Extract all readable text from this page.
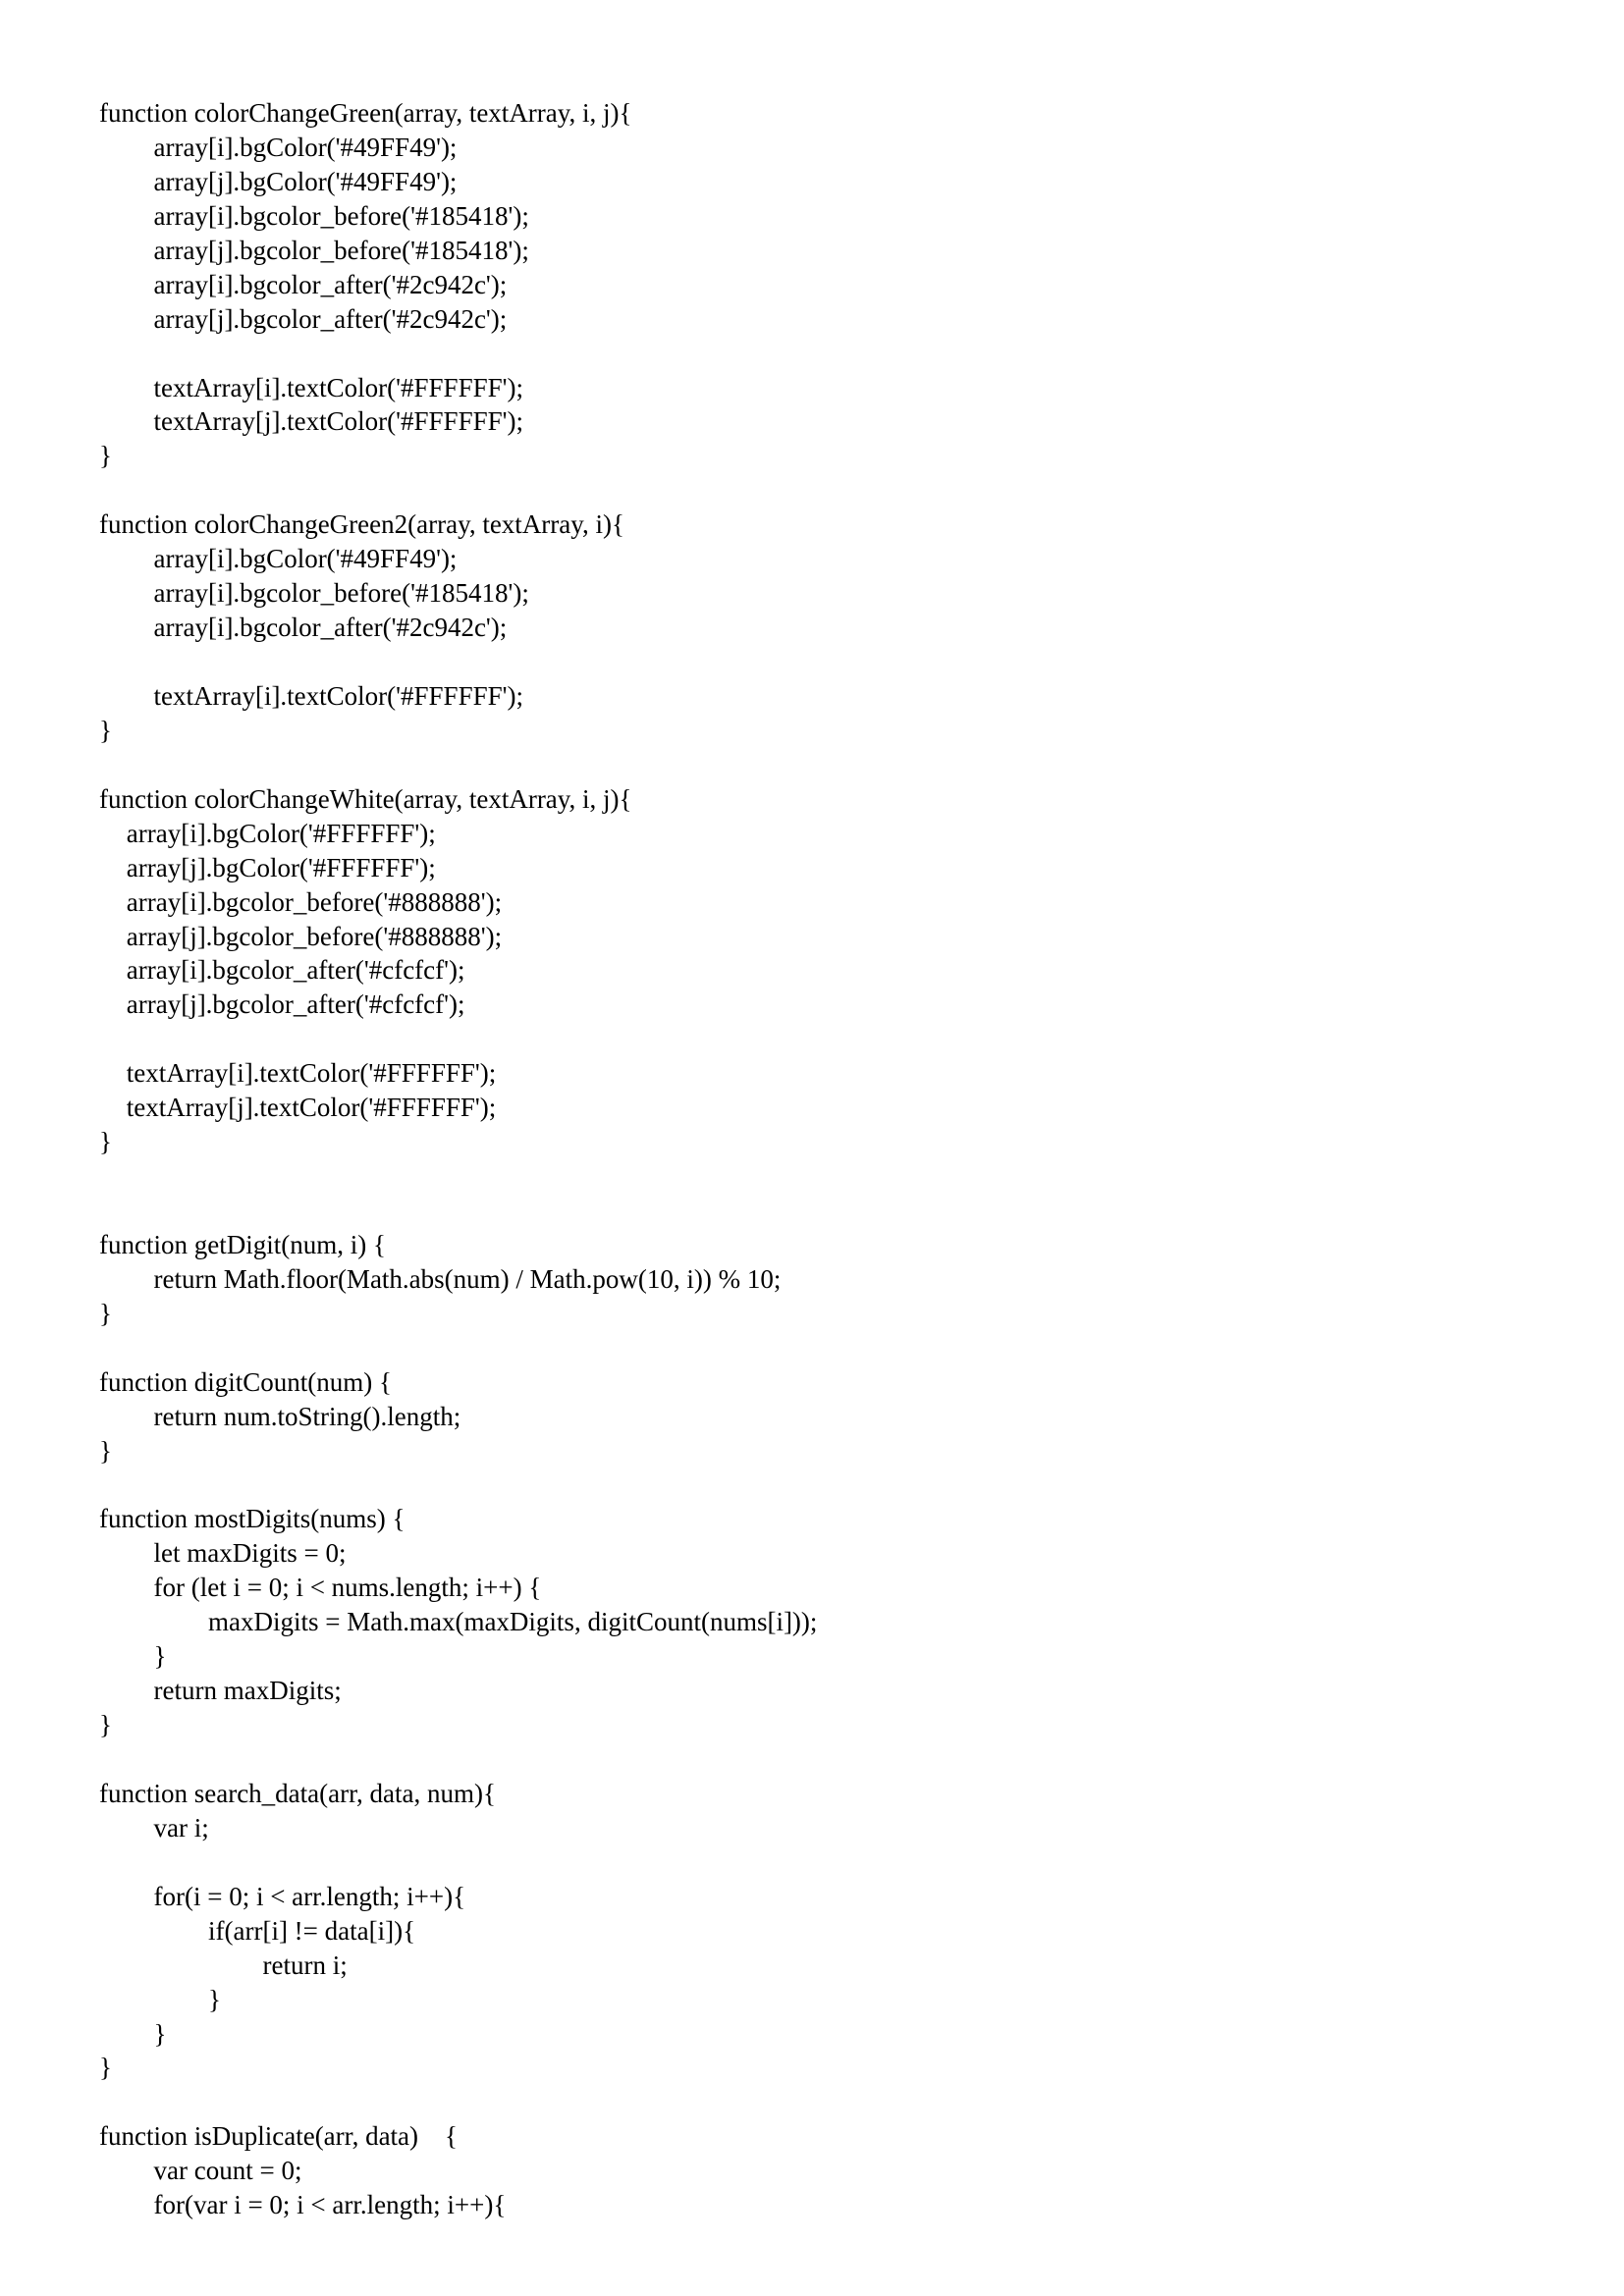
function colorChangeGreen(array, textArray, i, j){
array[i].bgColor('#49FF49');
array[j].bgColor('#49FF49');
array[i].bgcolor_before('#185418');
array[j].bgcolor_before('#185418');
array[i].bgcolor_after('#2c942c');
array[j].bgcolor_after('#2c942c');
textArray[i].textColor('#FFFFFF');
textArray[j].textColor('#FFFFFF');
}
function colorChangeGreen2(array, textArray, i){
array[i].bgColor('#49FF49');
array[i].bgcolor_before('#185418');
array[i].bgcolor_after('#2c942c');
textArray[i].textColor('#FFFFFF');
}
function colorChangeWhite(array, textArray, i, j){
array[i].bgColor('#FFFFFF');
array[j].bgColor('#FFFFFF');
array[i].bgcolor_before('#888888');
array[j].bgcolor_before('#888888');
array[i].bgcolor_after('#cfcfcf');
array[j].bgcolor_after('#cfcfcf');
textArray[i].textColor('#FFFFFF');
textArray[j].textColor('#FFFFFF');
}
function getDigit(num, i) {
return Math.floor(Math.abs(num) / Math.pow(10, i)) % 10;
}
function digitCount(num) {
return num.toString().length;
}
function mostDigits(nums) {
let maxDigits = 0;
for (let i = 0; i < nums.length; i++) {
maxDigits = Math.max(maxDigits, digitCount(nums[i]));
}
return maxDigits;
}
function search_data(arr, data, num){
var i;
for(i = 0; i < arr.length; i++){
if(arr[i] != data[i]){
return i;
}
}
}
function isDuplicate(arr, data)    {
var count = 0;
for(var i = 0; i < arr.length; i++){
